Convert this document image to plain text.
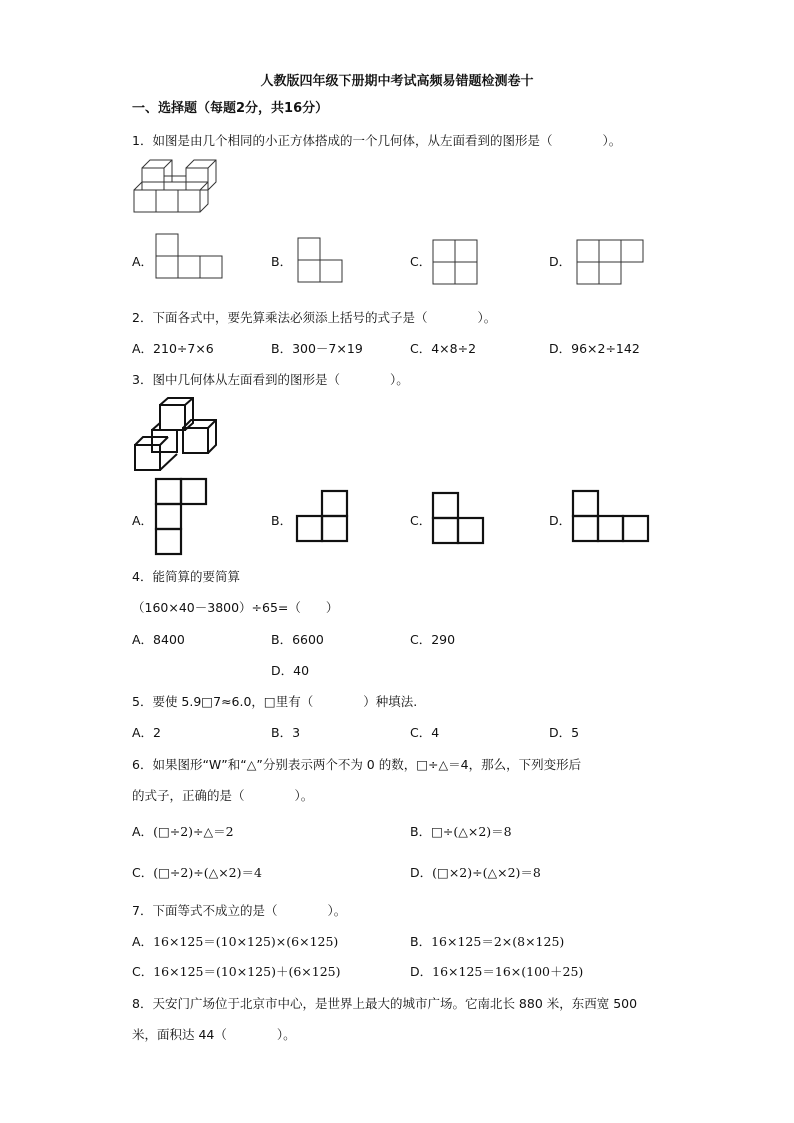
人教版四年级下册期中考试高频易错题检测卷十
一、选择题（每题2分，共16分）
1．如图是由几个相同的小正方体搭成的一个几何体，从左面看到的图形是（　　　　）。
A．	B．	C．	D．
2．下面各式中，要先算乘法必须添上括号的式子是（　　　　）。
A．210÷7×6	B．300－7×19	C．4×8÷2	D．96×2÷142
3．图中几何体从左面看到的图形是（　　　　）。
A．	B．	C．	D．
4．能简算的要简算
（160×40－3800）÷65=（　　）
A．8400	B．6600	C．290
D．40
5．要使 5.9□7≈6.0，□里有（　　　　）种填法.
A．2	B．3	C．4	D．5
6．如果图形“W”和“△”分别表示两个不为 0 的数，□÷△＝4，那么，下列变形后
的式子，正确的是（　　　　）。
A．(□÷2)÷△＝2	B．□÷(△×2)＝8
C．(□÷2)÷(△×2)＝4	D．(□×2)÷(△×2)＝8
7．下面等式不成立的是（　　　　）。
A．16×125＝(10×125)×(6×125)	B．16×125＝2×(8×125)
C．16×125＝(10×125)＋(6×125)	D．16×125＝16×(100＋25)
8．天安门广场位于北京市中心，是世界上最大的城市广场。它南北长 880 米，东西宽 500
米，面积达 44（　　　　）。
